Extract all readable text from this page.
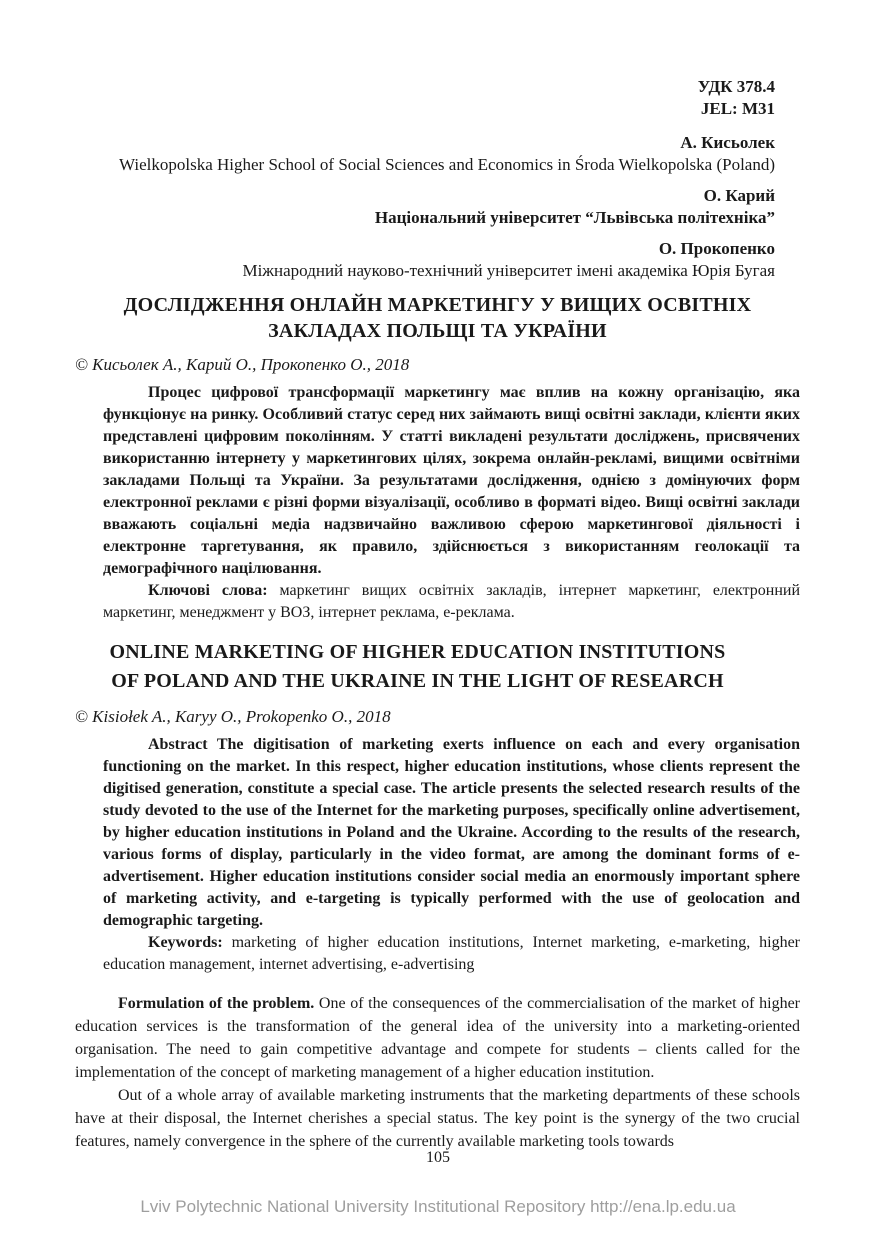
УДК 378.4
JEL: M31
А. Кисьолек
Wielkopolska Higher School of Social Sciences and Economics in Środa Wielkopolska (Poland)
О. Карий
Національний університет “Львівська політехніка”
О. Прокопенко
Міжнародний науково-технічний університет імені академіка Юрія Бугая
ДОСЛІДЖЕННЯ ОНЛАЙН МАРКЕТИНГУ У ВИЩИХ ОСВІТНІХ
ЗАКЛАДАХ ПОЛЬЩІ ТА УКРАЇНИ
© Кисьолек А., Карий О., Прокопенко О., 2018

Процес цифрової трансформації маркетингу має вплив на кожну організацію, яка функціонує на ринку. Особливий статус серед них займають вищі освітні заклади, клієнти яких представлені цифровим поколінням. У статті викладені результати досліджень, присвячених використанню інтернету у маркетингових цілях, зокрема онлайн-рекламі, вищими освітніми закладами Польщі та України. За результатами дослідження, однією з домінуючих форм електронної реклами є різні форми візуалізації, особливо в форматі відео. Вищі освітні заклади вважають соціальні медіа надзвичайно важливою сферою маркетингової діяльності і електронне таргетування, як правило, здійснюється з використанням геолокації та демографічного націлювання.

Ключові слова: маркетинг вищих освітніх закладів, інтернет маркетинг, електронний маркетинг, менеджмент у ВОЗ, інтернет реклама, е-реклама.

ONLINE MARKETING OF HIGHER EDUCATION INSTITUTIONS
OF POLAND AND THE UKRAINE IN THE LIGHT OF RESEARCH
© Kisiołek A., Karyy O., Prokopenko O., 2018

Abstract The digitisation of marketing exerts influence on each and every organisation functioning on the market. In this respect, higher education institutions, whose clients represent the digitised generation, constitute a special case. The article presents the selected research results of the study devoted to the use of the Internet for the marketing purposes, specifically online advertisement, by higher education institutions in Poland and the Ukraine. According to the results of the research, various forms of display, particularly in the video format, are among the dominant forms of e-advertisement. Higher education institutions consider social media an enormously important sphere of marketing activity, and e-targeting is typically performed with the use of geolocation and demographic targeting.

Keywords: marketing of higher education institutions, Internet marketing, e-marketing, higher education management, internet advertising, e-advertising

Formulation of the problem. One of the consequences of the commercialisation of the market of higher education services is the transformation of the general idea of the university into a marketing-oriented organisation. The need to gain competitive advantage and compete for students – clients called for the implementation of the concept of marketing management of a higher education institution.

Out of a whole array of available marketing instruments that the marketing departments of these schools have at their disposal, the Internet cherishes a special status. The key point is the synergy of the two crucial features, namely convergence in the sphere of the currently available marketing tools towards

105
Lviv Polytechnic National University Institutional Repository http://ena.lp.edu.ua
